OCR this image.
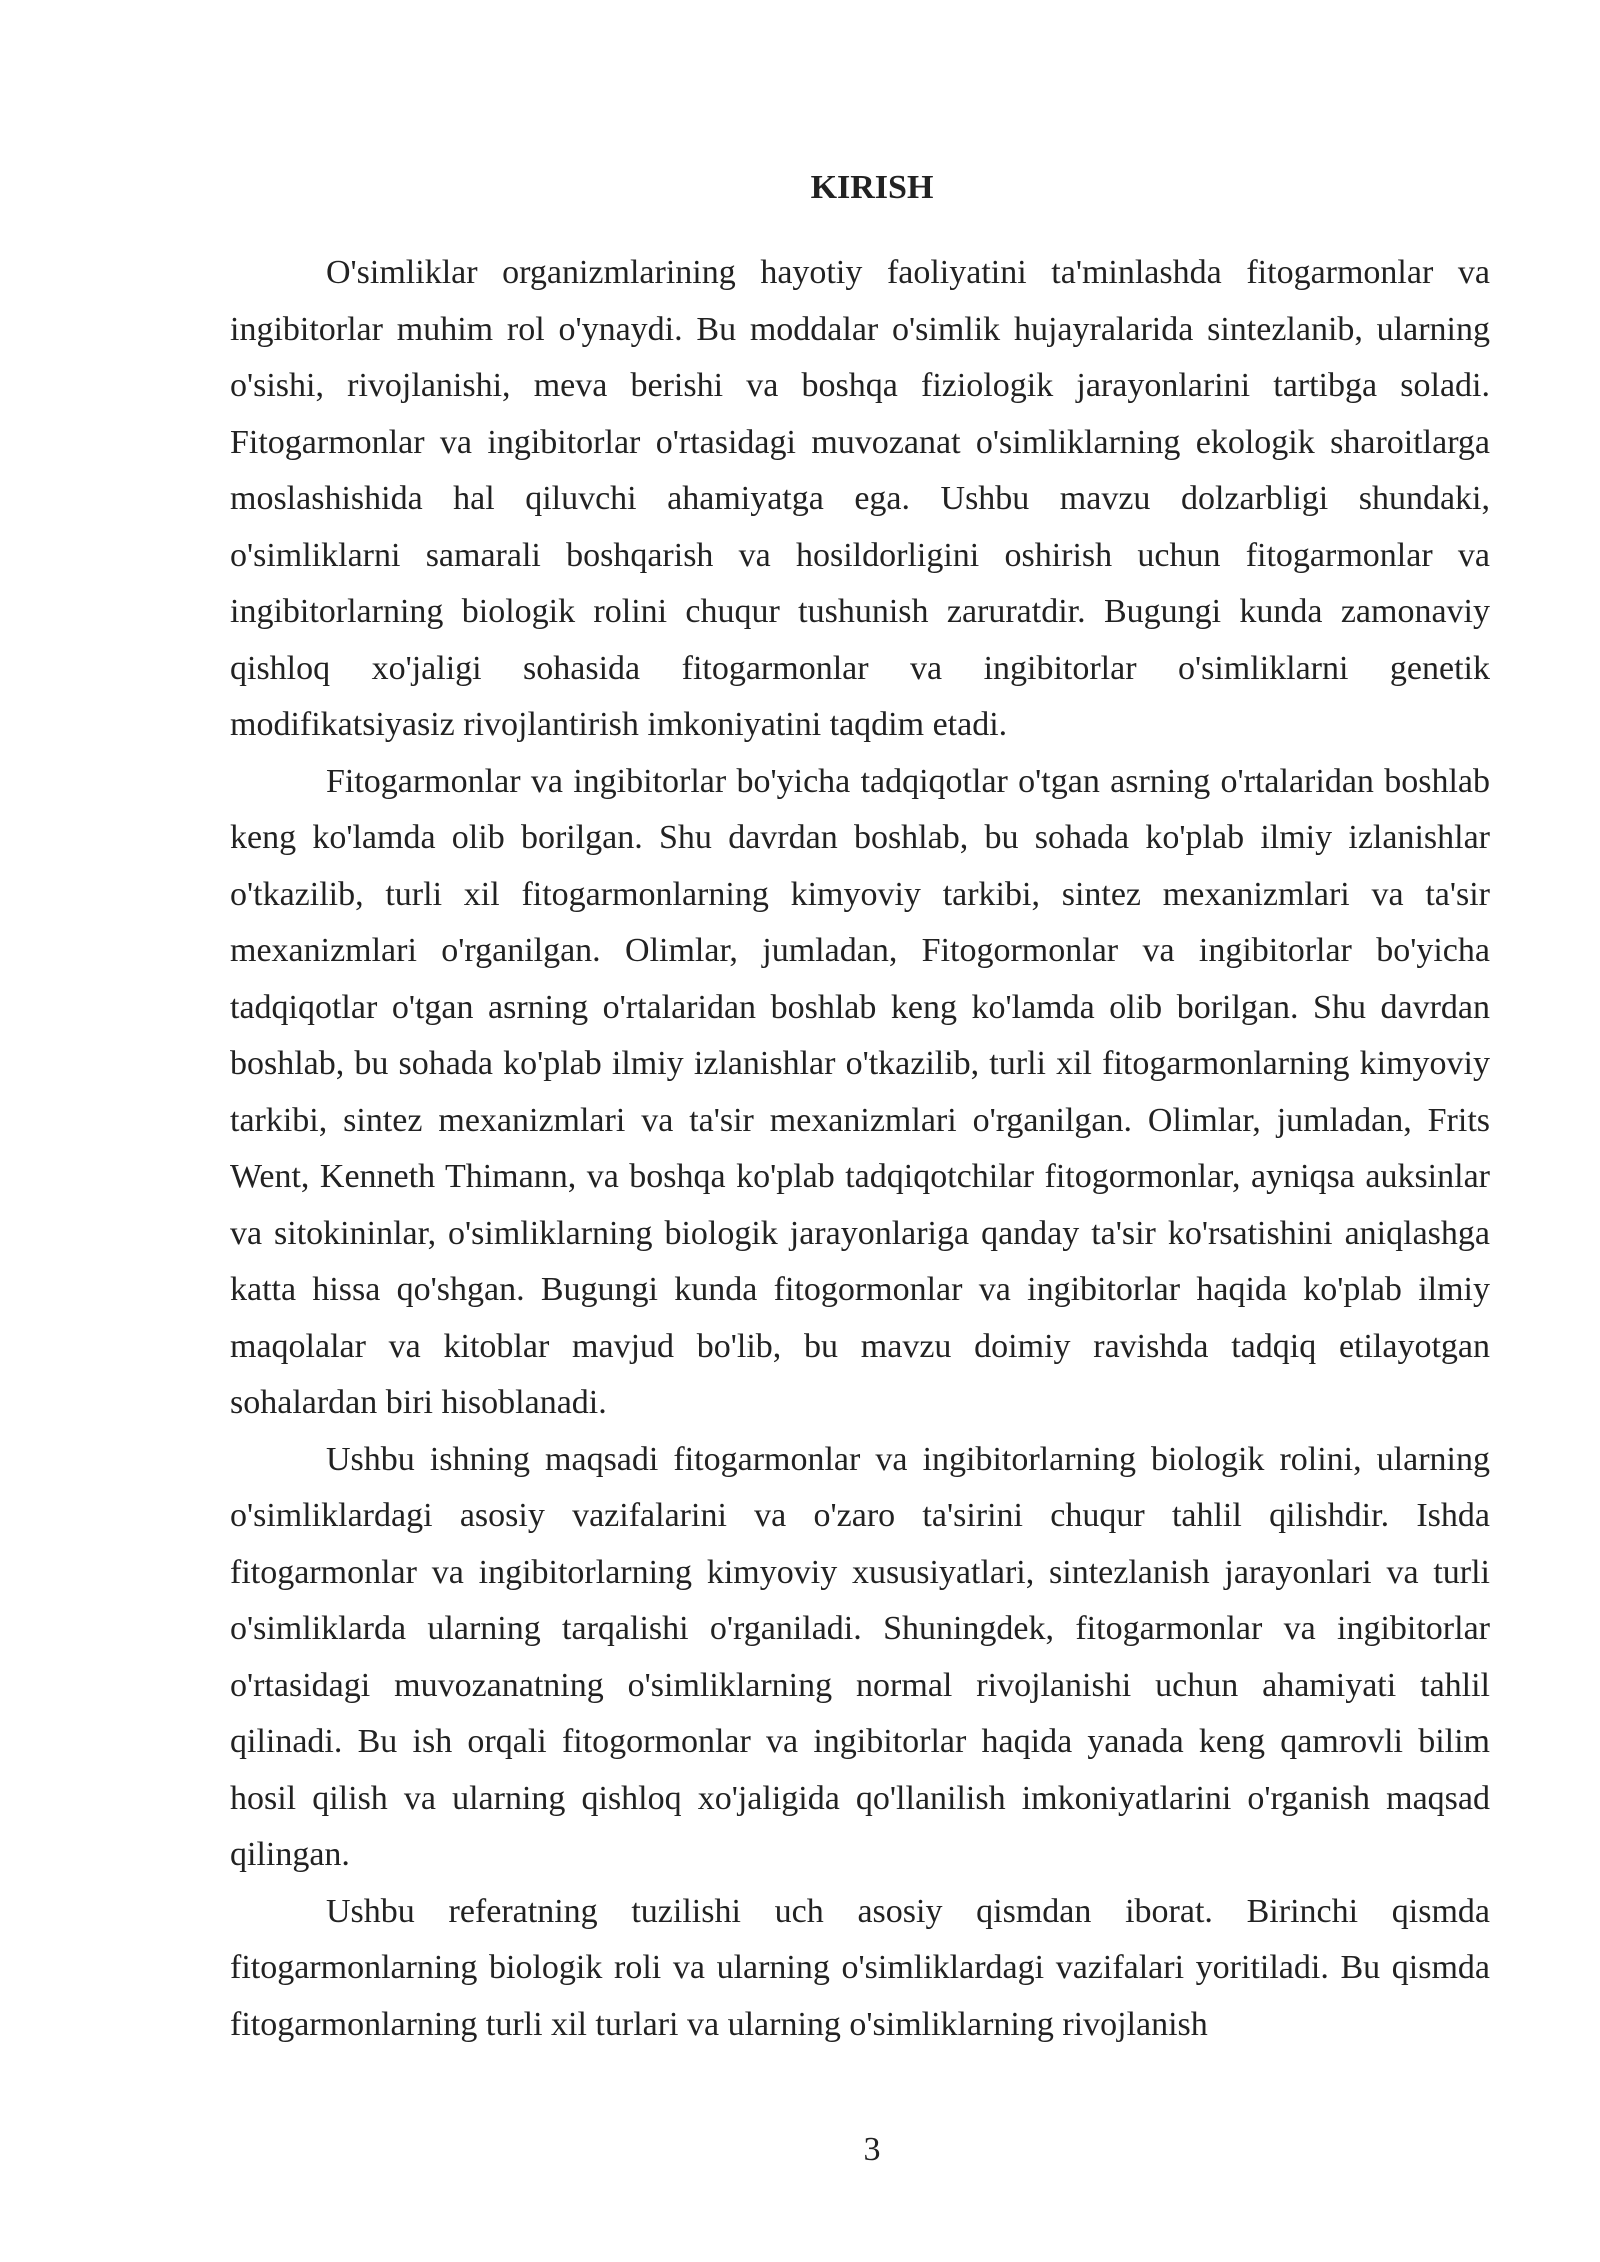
KIRISH

O'simliklar organizmlarining hayotiy faoliyatini ta'minlashda fitogarmonlar va ingibitorlar muhim rol o'ynaydi. Bu moddalar o'simlik hujayralarida sintezlanib, ularning o'sishi, rivojlanishi, meva berishi va boshqa fiziologik jarayonlarini tartibga soladi. Fitogarmonlar va ingibitorlar o'rtasidagi muvozanat o'simliklarning ekologik sharoitlarga moslashishida hal qiluvchi ahamiyatga ega. Ushbu mavzu dolzarbligi shundaki, o'simliklarni samarali boshqarish va hosildorligini oshirish uchun fitogarmonlar va ingibitorlarning biologik rolini chuqur tushunish zaruratdir. Bugungi kunda zamonaviy qishloq xo'jaligi sohasida fitogarmonlar va ingibitorlar o'simliklarni genetik modifikatsiyasiz rivojlantirish imkoniyatini taqdim etadi.

Fitogarmonlar va ingibitorlar bo'yicha tadqiqotlar o'tgan asrning o'rtalaridan boshlab keng ko'lamda olib borilgan. Shu davrdan boshlab, bu sohada ko'plab ilmiy izlanishlar o'tkazilib, turli xil fitogarmonlarning kimyoviy tarkibi, sintez mexanizmlari va ta'sir mexanizmlari o'rganilgan. Olimlar, jumladan, Fitogormonlar va ingibitorlar bo'yicha tadqiqotlar o'tgan asrning o'rtalaridan boshlab keng ko'lamda olib borilgan. Shu davrdan boshlab, bu sohada ko'plab ilmiy izlanishlar o'tkazilib, turli xil fitogarmonlarning kimyoviy tarkibi, sintez mexanizmlari va ta'sir mexanizmlari o'rganilgan. Olimlar, jumladan, Frits Went, Kenneth Thimann, va boshqa ko'plab tadqiqotchilar fitogormonlar, ayniqsa auksinlar va sitokininlar, o'simliklarning biologik jarayonlariga qanday ta'sir ko'rsatishini aniqlashga katta hissa qo'shgan. Bugungi kunda fitogormonlar va ingibitorlar haqida ko'plab ilmiy maqolalar va kitoblar mavjud bo'lib, bu mavzu doimiy ravishda tadqiq etilayotgan sohalardan biri hisoblanadi.

Ushbu ishning maqsadi fitogarmonlar va ingibitorlarning biologik rolini, ularning o'simliklardagi asosiy vazifalarini va o'zaro ta'sirini chuqur tahlil qilishdir. Ishda fitogarmonlar va ingibitorlarning kimyoviy xususiyatlari, sintezlanish jarayonlari va turli o'simliklarda ularning tarqalishi o'rganiladi. Shuningdek, fitogarmonlar va ingibitorlar o'rtasidagi muvozanatning o'simliklarning normal rivojlanishi uchun ahamiyati tahlil qilinadi. Bu ish orqali fitogormonlar va ingibitorlar haqida yanada keng qamrovli bilim hosil qilish va ularning qishloq xo'jaligida qo'llanilish imkoniyatlarini o'rganish maqsad qilingan.

Ushbu referatning tuzilishi uch asosiy qismdan iborat. Birinchi qismda fitogarmonlarning biologik roli va ularning o'simliklardagi vazifalari yoritiladi. Bu qismda fitogarmonlarning turli xil turlari va ularning o'simliklarning rivojlanish

3
